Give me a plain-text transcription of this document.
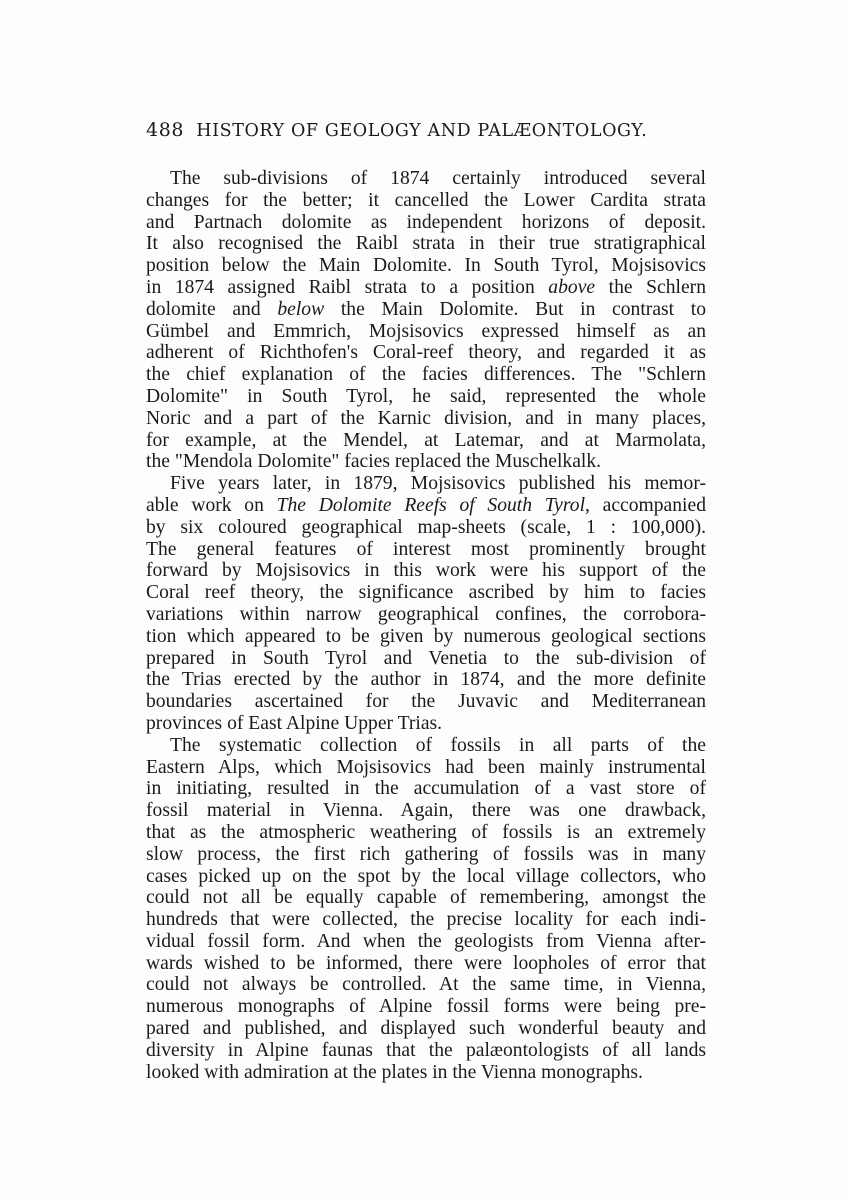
488 HISTORY OF GEOLOGY AND PALÆONTOLOGY.

The sub-divisions of 1874 certainly introduced several
changes for the better; it cancelled the Lower Cardita strata
and Partnach dolomite as independent horizons of deposit.
It also recognised the Raibl strata in their true stratigraphical
position below the Main Dolomite. In South Tyrol, Mojsisovics
in 1874 assigned Raibl strata to a position above the Schlern
dolomite and below the Main Dolomite. But in contrast to
Gümbel and Emmrich, Mojsisovics expressed himself as an
adherent of Richthofen's Coral-reef theory, and regarded it as
the chief explanation of the facies differences. The "Schlern
Dolomite" in South Tyrol, he said, represented the whole
Noric and a part of the Karnic division, and in many places,
for example, at the Mendel, at Latemar, and at Marmolata,
the "Mendola Dolomite" facies replaced the Muschelkalk.

Five years later, in 1879, Mojsisovics published his memor-
able work on The Dolomite Reefs of South Tyrol, accompanied
by six coloured geographical map-sheets (scale, 1 : 100,000).
The general features of interest most prominently brought
forward by Mojsisovics in this work were his support of the
Coral reef theory, the significance ascribed by him to facies
variations within narrow geographical confines, the corrobora-
tion which appeared to be given by numerous geological sections
prepared in South Tyrol and Venetia to the sub-division of
the Trias erected by the author in 1874, and the more definite
boundaries ascertained for the Juvavic and Mediterranean
provinces of East Alpine Upper Trias.

The systematic collection of fossils in all parts of the
Eastern Alps, which Mojsisovics had been mainly instrumental
in initiating, resulted in the accumulation of a vast store of
fossil material in Vienna. Again, there was one drawback,
that as the atmospheric weathering of fossils is an extremely
slow process, the first rich gathering of fossils was in many
cases picked up on the spot by the local village collectors, who
could not all be equally capable of remembering, amongst the
hundreds that were collected, the precise locality for each indi-
vidual fossil form. And when the geologists from Vienna after-
wards wished to be informed, there were loopholes of error that
could not always be controlled. At the same time, in Vienna,
numerous monographs of Alpine fossil forms were being pre-
pared and published, and displayed such wonderful beauty and
diversity in Alpine faunas that the palæontologists of all lands
looked with admiration at the plates in the Vienna monographs.
